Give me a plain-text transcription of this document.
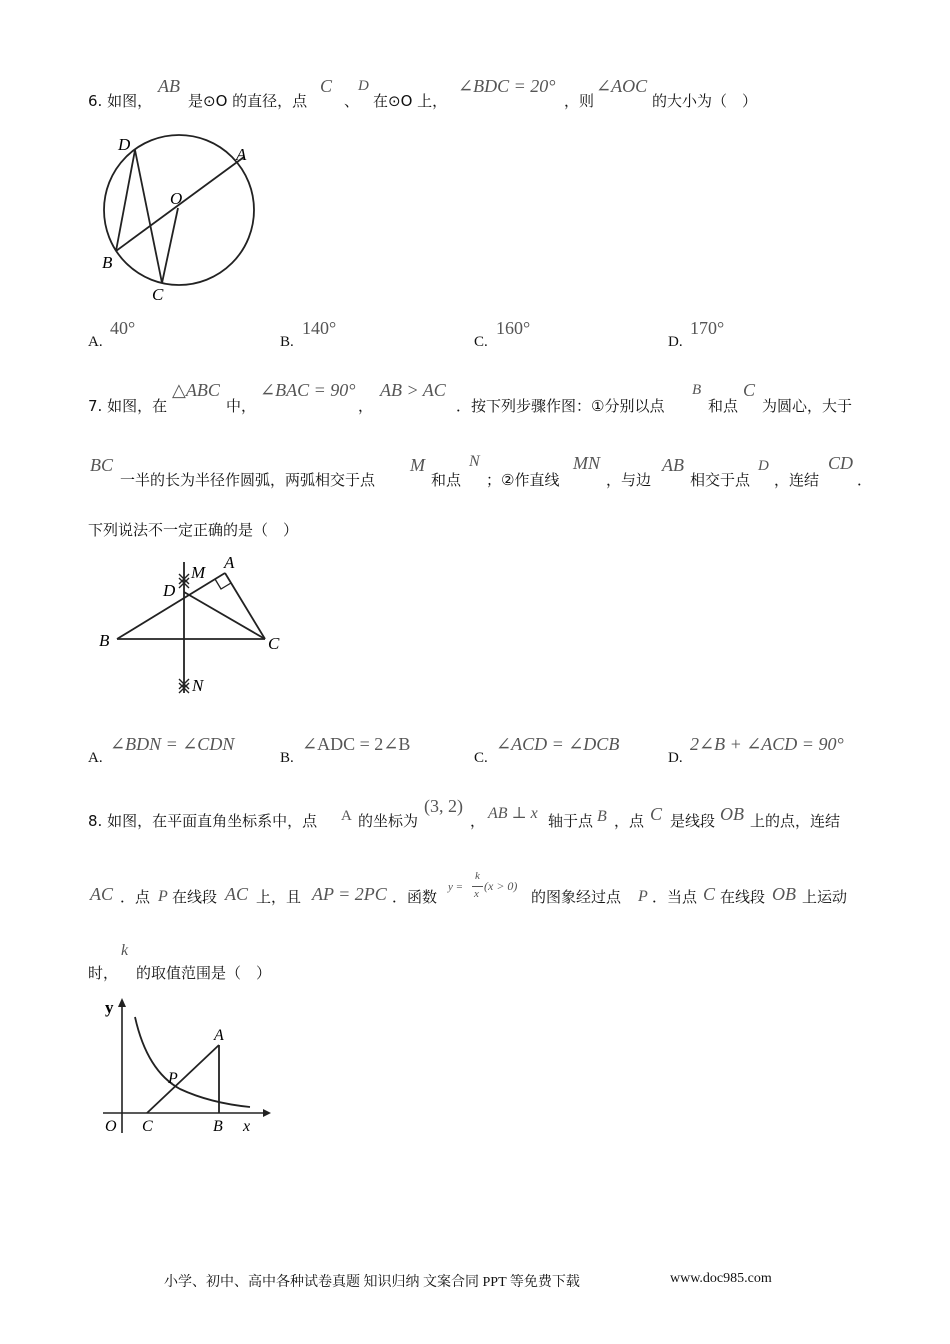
6. 如图，
AB
是⊙O 的直径，点
C
、
D
在⊙O 上，
∠BDC = 20°
，则
∠AOC
的大小为（　）
D
A
O
B
C
A.
40°
B.
140°
C.
160°
D.
170°
7. 如图，在
△ABC
中，
∠BAC = 90°
，
AB > AC
．按下列步骤作图：①分别以点
B
和点
C
为圆心，大于
BC
一半的长为半径作圆弧，两弧相交于点
M
和点
N
；②作直线
MN
，与边
AB
相交于点
D
，连结
CD
．
下列说法不一定正确的是（　）
M
A
D
B	C
N
A.
∠BDN = ∠CDN
B.
∠ADC = 2∠B
C.
∠ACD = ∠DCB
D.
2∠B + ∠ACD = 90°
8. 如图，在平面直角坐标系中，点 A 的坐标为
(3, 2)
， AB ⊥ x 轴于点 B ，点 C 是线段 OB 上的点，连结
AC ．点 P 在线段 AC 上，且 AP = 2PC ．函数
y =
k
x
(x > 0)
的图象经过点 P ．当点 C 在线段 OB 上运动
时，
k
的取值范围是（　）
y
A
P
O C	B x
小学、初中、高中各种试卷真题 知识归纳 文案合同 PPT 等免费下载	www.doc985.com
